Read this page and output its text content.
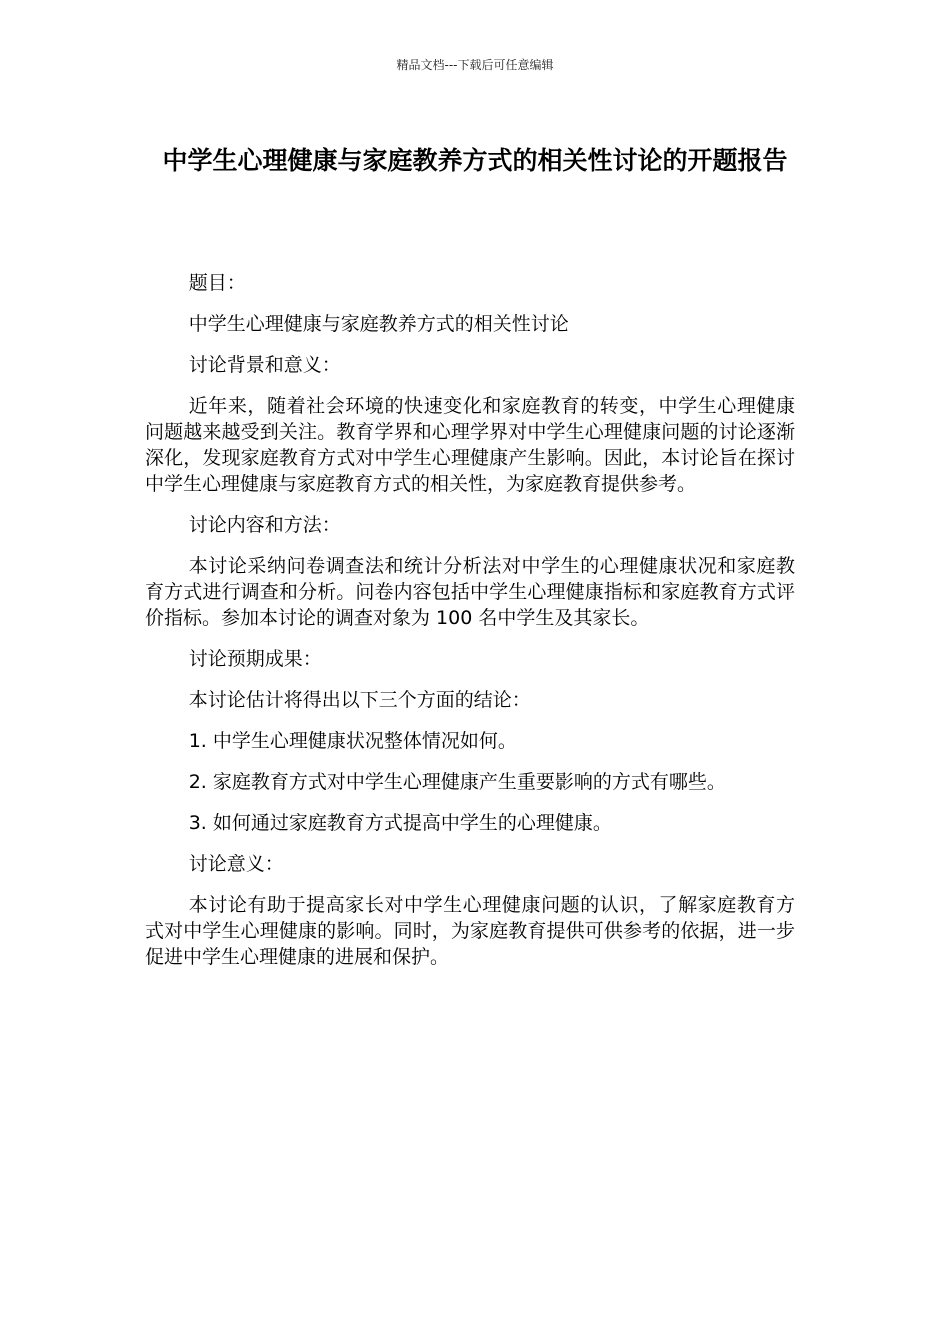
精品文档---下载后可任意编辑
中学生心理健康与家庭教养方式的相关性讨论的开题报告

题目：

中学生心理健康与家庭教养方式的相关性讨论

讨论背景和意义：

近年来，随着社会环境的快速变化和家庭教育的转变，中学生心理健康问题越来越受到关注。教育学界和心理学界对中学生心理健康问题的讨论逐渐深化，发现家庭教育方式对中学生心理健康产生影响。因此，本讨论旨在探讨中学生心理健康与家庭教育方式的相关性，为家庭教育提供参考。

讨论内容和方法：

本讨论采纳问卷调查法和统计分析法对中学生的心理健康状况和家庭教育方式进行调查和分析。问卷内容包括中学生心理健康指标和家庭教育方式评价指标。参加本讨论的调查对象为 100 名中学生及其家长。

讨论预期成果：

本讨论估计将得出以下三个方面的结论：

1. 中学生心理健康状况整体情况如何。

2. 家庭教育方式对中学生心理健康产生重要影响的方式有哪些。

3. 如何通过家庭教育方式提高中学生的心理健康。

讨论意义：

本讨论有助于提高家长对中学生心理健康问题的认识，了解家庭教育方式对中学生心理健康的影响。同时，为家庭教育提供可供参考的依据，进一步促进中学生心理健康的进展和保护。
